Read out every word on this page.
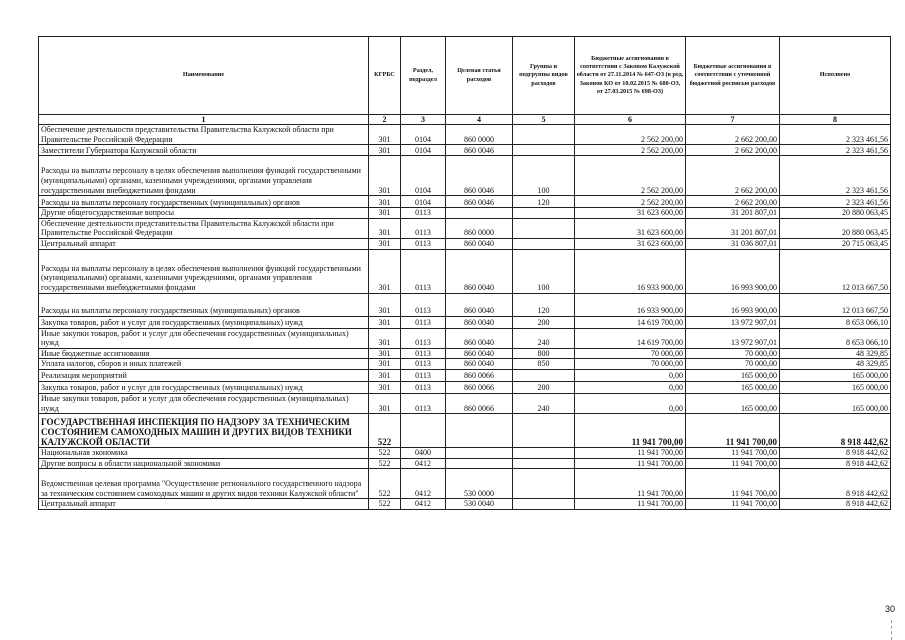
Наименование	КГРБС	Раздел, подраздел	Целевая статья расходов	Группы и подгруппы видов расходов	Бюджетные ассигнования в соответствии с Законом Калужской области от 27.11.2014 № 647-ОЗ (в ред. Законов КО от 10.02.2015 № 680-ОЗ, от 27.03.2015 № 698-ОЗ)	Бюджетные ассигнования в соответствии с уточненной бюджетной росписью расходов	Исполнено
1	2	3	4	5	6	7	8
Обеспечение деятельности представительства Правительства Калужской области при Правительстве Российской Федерации	301	0104	860 0000		2 562 200,00	2 662 200,00	2 323 461,56
Заместители Губернатора Калужской области	301	0104	860 0046		2 562 200,00	2 662 200,00	2 323 461,56
Расходы на выплаты персоналу в целях обеспечения выполнения функций государственными (муниципальными) органами, казенными учреждениями, органами управления государственными внебюджетными фондами	301	0104	860 0046	100	2 562 200,00	2 662 200,00	2 323 461,56
Расходы на выплаты персоналу государственных (муниципальных) органов	301	0104	860 0046	120	2 562 200,00	2 662 200,00	2 323 461,56
Другие общегосударственные вопросы	301	0113			31 623 600,00	31 201 807,01	20 880 063,45
Обеспечение деятельности представительства Правительства Калужской области при Правительстве Российской Федерации	301	0113	860 0000		31 623 600,00	31 201 807,01	20 880 063,45
Центральный аппарат	301	0113	860 0040		31 623 600,00	31 036 807,01	20 715 063,45
Расходы на выплаты персоналу в целях обеспечения выполнения функций государственными (муниципальными) органами, казенными учреждениями, органами управления государственными внебюджетными фондами	301	0113	860 0040	100	16 933 900,00	16 993 900,00	12 013 667,50
Расходы на выплаты персоналу государственных (муниципальных) органов	301	0113	860 0040	120	16 933 900,00	16 993 900,00	12 013 667,50
Закупка товаров, работ и услуг для государственных (муниципальных) нужд	301	0113	860 0040	200	14 619 700,00	13 972 907,01	8 653 066,10
Иные закупки товаров, работ и услуг для обеспечения государственных (муниципальных) нужд	301	0113	860 0040	240	14 619 700,00	13 972 907,01	8 653 066,10
Иные бюджетные ассигнования	301	0113	860 0040	800	70 000,00	70 000,00	48 329,85
Уплата налогов, сборов и иных платежей	301	0113	860 0040	850	70 000,00	70 000,00	48 329,85
Реализация мероприятий	301	0113	860 0066		0,00	165 000,00	165 000,00
Закупка товаров, работ и услуг для государственных (муниципальных) нужд	301	0113	860 0066	200	0,00	165 000,00	165 000,00
Иные закупки товаров, работ и услуг для обеспечения государственных (муниципальных) нужд	301	0113	860 0066	240	0,00	165 000,00	165 000,00
ГОСУДАРСТВЕННАЯ ИНСПЕКЦИЯ ПО НАДЗОРУ ЗА ТЕХНИЧЕСКИМ СОСТОЯНИЕМ САМОХОДНЫХ МАШИН И ДРУГИХ ВИДОВ ТЕХНИКИ КАЛУЖСКОЙ ОБЛАСТИ	522				11 941 700,00	11 941 700,00	8 918 442,62
Национальная экономика	522	0400			11 941 700,00	11 941 700,00	8 918 442,62
Другие вопросы в области национальной экономики	522	0412			11 941 700,00	11 941 700,00	8 918 442,62
Ведомственная целевая программа "Осуществление регионального государственного надзора за техническим состоянием самоходных машин и других видов техники Калужской области"	522	0412	530 0000		11 941 700,00	11 941 700,00	8 918 442,62
Центральный аппарат	522	0412	530 0040		11 941 700,00	11 941 700,00	8 918 442,62
30
